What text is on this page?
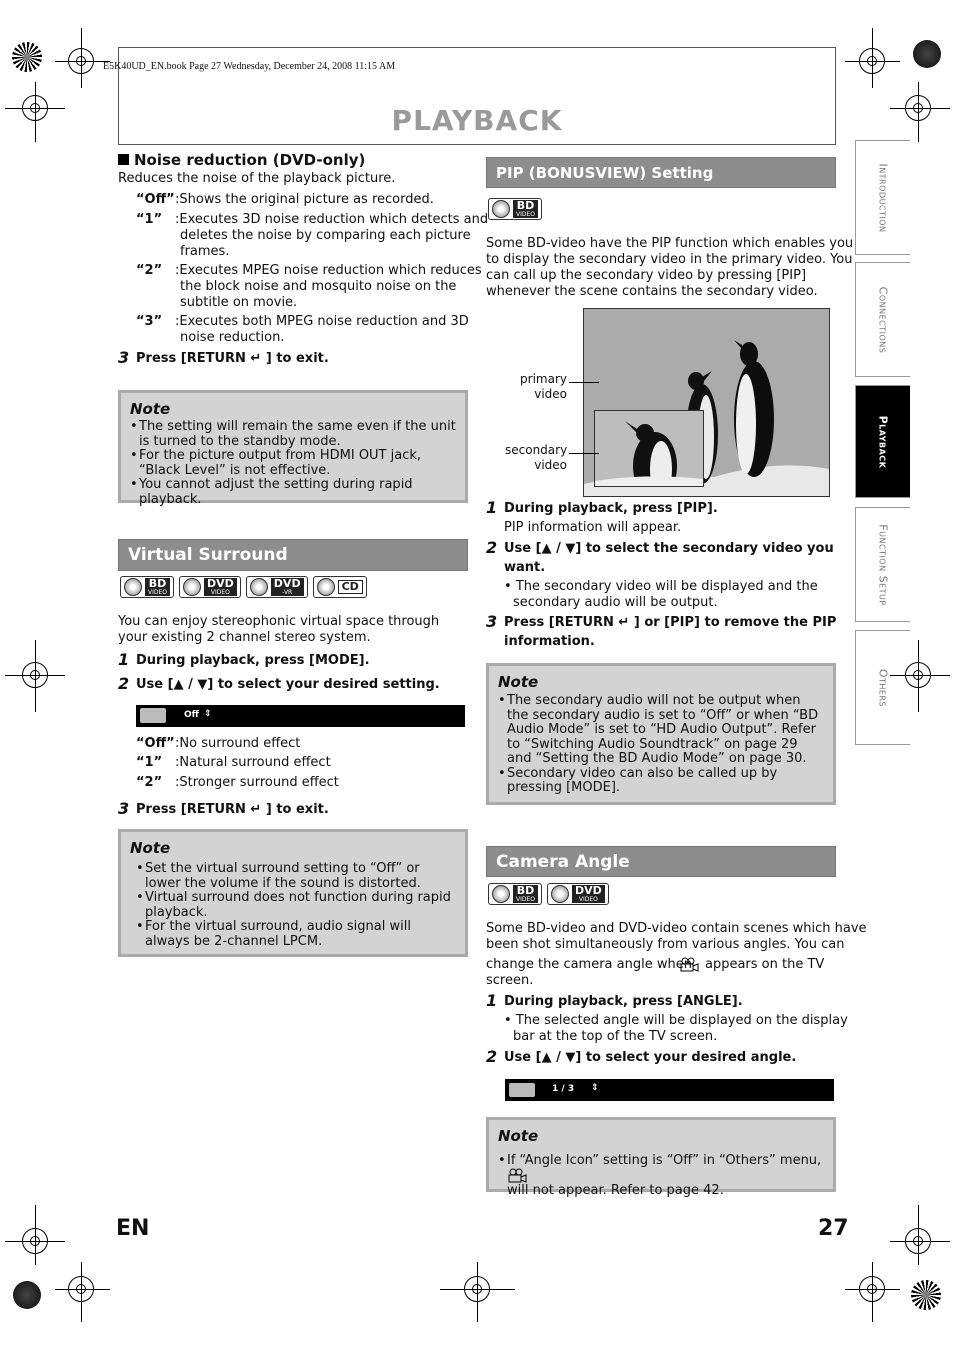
E5K40UD_EN.book Page 27 Wednesday, December 24, 2008 11:15 AM
PLAYBACK
Introduction
Connections
Playback
Function Setup
Others
Noise reduction (DVD-only)
Reduces the noise of the playback picture.
“Off” :Shows the original picture as recorded.
“1” :Executes 3D noise reduction which detects and
deletes the noise by comparing each picture
frames.
“2” :Executes MPEG noise reduction which reduces
the block noise and mosquito noise on the
subtitle on movie.
“3” :Executes both MPEG noise reduction and 3D
noise reduction.
3 Press [RETURN ↵ ] to exit.
Note
• The setting will remain the same even if the unit is turned to the standby mode.
• For the picture output from HDMI OUT jack, “Black Level” is not effective.
• You cannot adjust the setting during rapid playback.
Virtual Surround
BD
VIDEO
DVD
VIDEO
DVD
-VR	CD
You can enjoy stereophonic virtual space through your existing 2 channel stereo system.
1 During playback, press [MODE].
2 Use [▲ / ▼] to select your desired setting.
Off ⇕
“Off” :No surround effect
“1” :Natural surround effect
“2” :Stronger surround effect
3 Press [RETURN ↵ ] to exit.
Note
• Set the virtual surround setting to “Off” or lower the volume if the sound is distorted.
• Virtual surround does not function during rapid playback.
• For the virtual surround, audio signal will always be 2-channel LPCM.
PIP (BONUSVIEW) Setting
BD
VIDEO
Some BD-video have the PIP function which enables you
to display the secondary video in the primary video. You
can call up the secondary video by pressing [PIP]
whenever the scene contains the secondary video.
primary
video
secondary
video
1 During playback, press [PIP].
PIP information will appear.
2 Use [▲ / ▼] to select the secondary video you
want.
• The secondary video will be displayed and the
secondary audio will be output.
3 Press [RETURN ↵ ] or [PIP] to remove the PIP
information.
Note
• The secondary audio will not be output when the secondary audio is set to “Off” or when “BD Audio Mode” is set to “HD Audio Output”. Refer to “Switching Audio Soundtrack” on page 29 and “Setting the BD Audio Mode” on page 30.
• Secondary video can also be called up by pressing [MODE].
Camera Angle
BD
VIDEO
DVD
VIDEO
Some BD-video and DVD-video contain scenes which have
been shot simultaneously from various angles. You can
change the camera angle when appears on the TV
screen.
1 During playback, press [ANGLE].
• The selected angle will be displayed on the display
bar at the top of the TV screen.
2 Use [▲ / ▼] to select your desired angle.
1 / 3 ⇕
Note
• If “Angle Icon” setting is “Off” in “Others” menu,
will not appear. Refer to page 42.
EN	27
